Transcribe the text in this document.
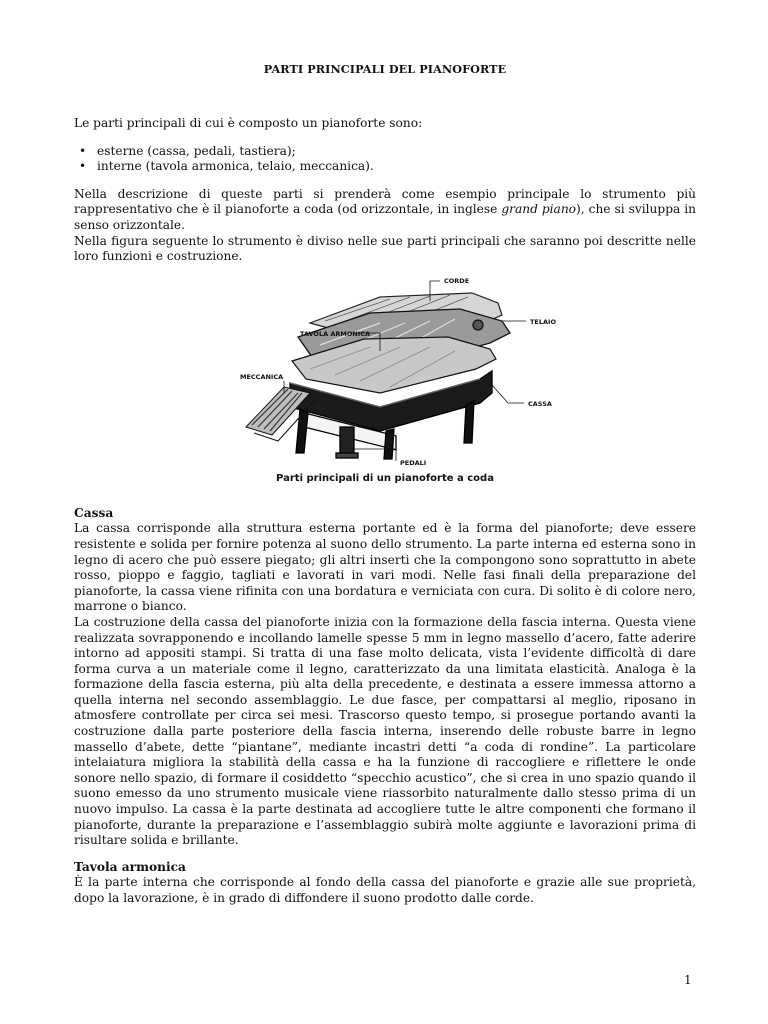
PARTI PRINCIPALI DEL PIANOFORTE

Le parti principali di cui è composto un pianoforte sono:

• esterne (cassa, pedali, tastiera);
• interne (tavola armonica, telaio, meccanica).

Nella descrizione di queste parti si prenderà come esempio principale lo strumento più rappresentativo che è il pianoforte a coda (od orizzontale, in inglese grand piano), che si sviluppa in senso orizzontale.

Nella figura seguente lo strumento è diviso nelle sue parti principali che saranno poi descritte nelle loro funzioni e costruzione.

CORDE
TELAIO
TAVOLA ARMONICA
MECCANICA
CASSA
PEDALI
Parti principali di un pianoforte a coda
Cassa

La cassa corrisponde alla struttura esterna portante ed è la forma del pianoforte; deve essere resistente e solida per fornire potenza al suono dello strumento. La parte interna ed esterna sono in legno di acero che può essere piegato; gli altri inserti che la compongono sono soprattutto in abete rosso, pioppo e faggio, tagliati e lavorati in vari modi. Nelle fasi finali della preparazione del pianoforte, la cassa viene rifinita con una bordatura e verniciata con cura. Di solito è di colore nero, marrone o bianco.

La costruzione della cassa del pianoforte inizia con la formazione della fascia interna. Questa viene realizzata sovrapponendo e incollando lamelle spesse 5 mm in legno massello d’acero, fatte aderire intorno ad appositi stampi. Si tratta di una fase molto delicata, vista l’evidente difficoltà di dare forma curva a un materiale come il legno, caratterizzato da una limitata elasticità. Analoga è la formazione della fascia esterna, più alta della precedente, e destinata a essere immessa attorno a quella interna nel secondo assemblaggio. Le due fasce, per compattarsi al meglio, riposano in atmosfere controllate per circa sei mesi. Trascorso questo tempo, si prosegue portando avanti la costruzione dalla parte posteriore della fascia interna, inserendo delle robuste barre in legno massello d’abete, dette “piantane”, mediante incastri detti “a coda di rondine”. La particolare intelaiatura migliora la stabilità della cassa e ha la funzione di raccogliere e riflettere le onde sonore nello spazio, di formare il cosiddetto “specchio acustico”, che si crea in uno spazio quando il suono emesso da uno strumento musicale viene riassorbito naturalmente dallo stesso prima di un nuovo impulso. La cassa è la parte destinata ad accogliere tutte le altre componenti che formano il pianoforte, durante la preparazione e l’assemblaggio subirà molte aggiunte e lavorazioni prima di risultare solida e brillante.

Tavola armonica

È la parte interna che corrisponde al fondo della cassa del pianoforte e grazie alle sue proprietà, dopo la lavorazione, è in grado di diffondere il suono prodotto dalle corde.

1
